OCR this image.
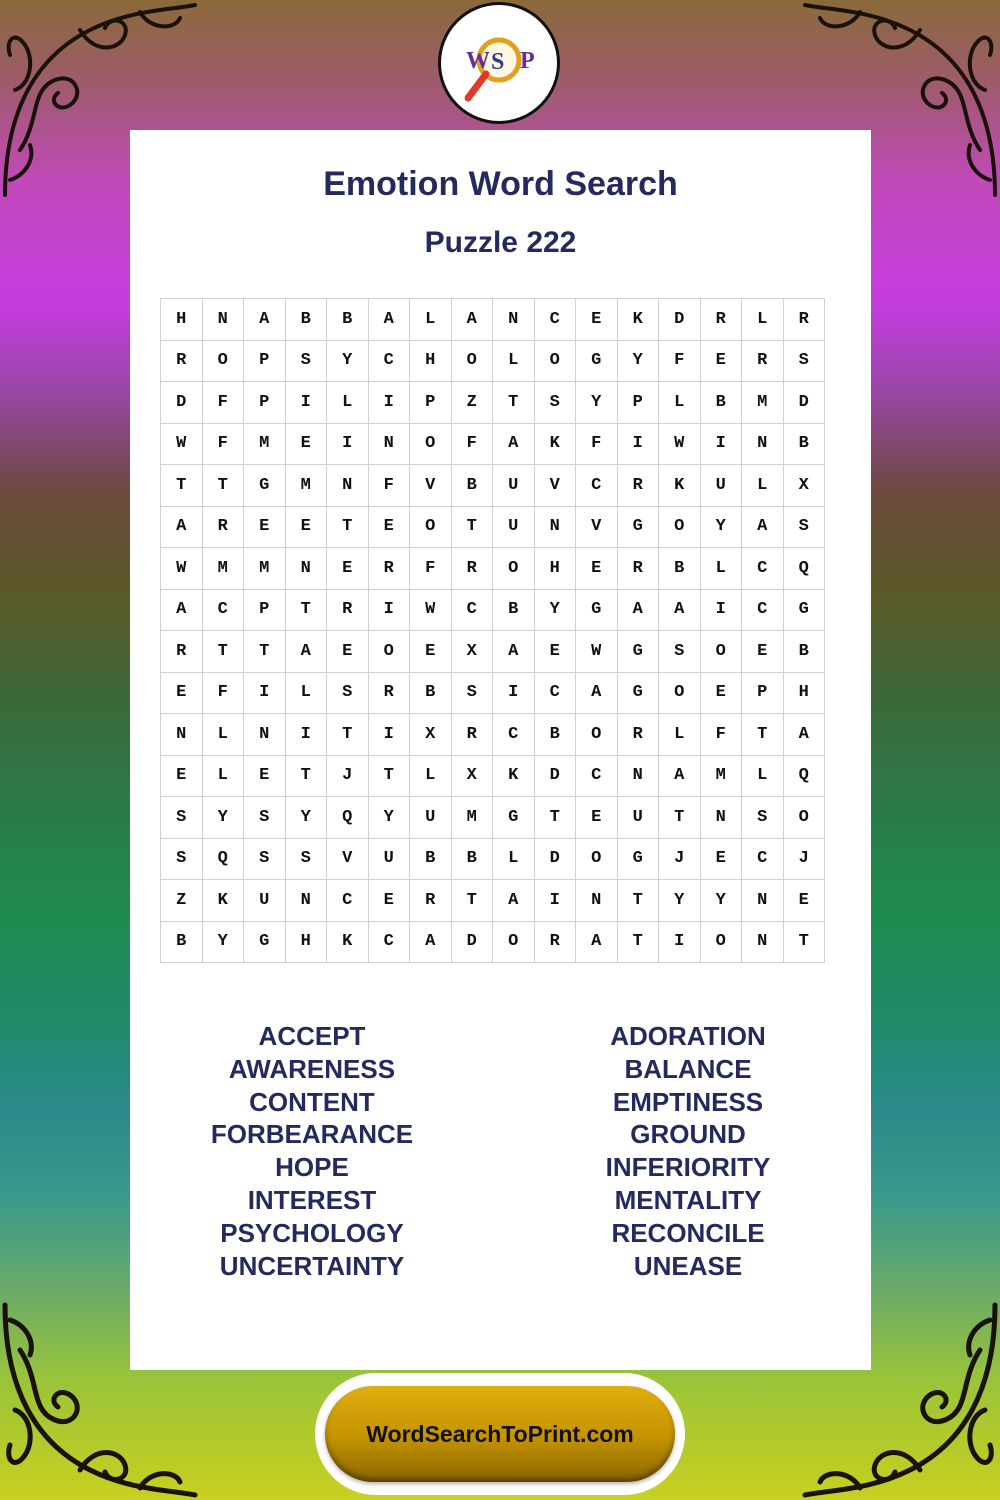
W S P
Emotion Word Search
Puzzle 222
H	N	A	B	B	A	L	A	N	C	E	K	D	R	L	R
R	O	P	S	Y	C	H	O	L	O	G	Y	F	E	R	S
D	F	P	I	L	I	P	Z	T	S	Y	P	L	B	M	D
W	F	M	E	I	N	O	F	A	K	F	I	W	I	N	B
T	T	G	M	N	F	V	B	U	V	C	R	K	U	L	X
A	R	E	E	T	E	O	T	U	N	V	G	O	Y	A	S
W	M	M	N	E	R	F	R	O	H	E	R	B	L	C	Q
A	C	P	T	R	I	W	C	B	Y	G	A	A	I	C	G
R	T	T	A	E	O	E	X	A	E	W	G	S	O	E	B
E	F	I	L	S	R	B	S	I	C	A	G	O	E	P	H
N	L	N	I	T	I	X	R	C	B	O	R	L	F	T	A
E	L	E	T	J	T	L	X	K	D	C	N	A	M	L	Q
S	Y	S	Y	Q	Y	U	M	G	T	E	U	T	N	S	O
S	Q	S	S	V	U	B	B	L	D	O	G	J	E	C	J
Z	K	U	N	C	E	R	T	A	I	N	T	Y	Y	N	E
B	Y	G	H	K	C	A	D	O	R	A	T	I	O	N	T
ACCEPT
AWARENESS
CONTENT
FORBEARANCE
HOPE
INTEREST
PSYCHOLOGY
UNCERTAINTY
ADORATION
BALANCE
EMPTINESS
GROUND
INFERIORITY
MENTALITY
RECONCILE
UNEASE
WordSearchToPrint.com
